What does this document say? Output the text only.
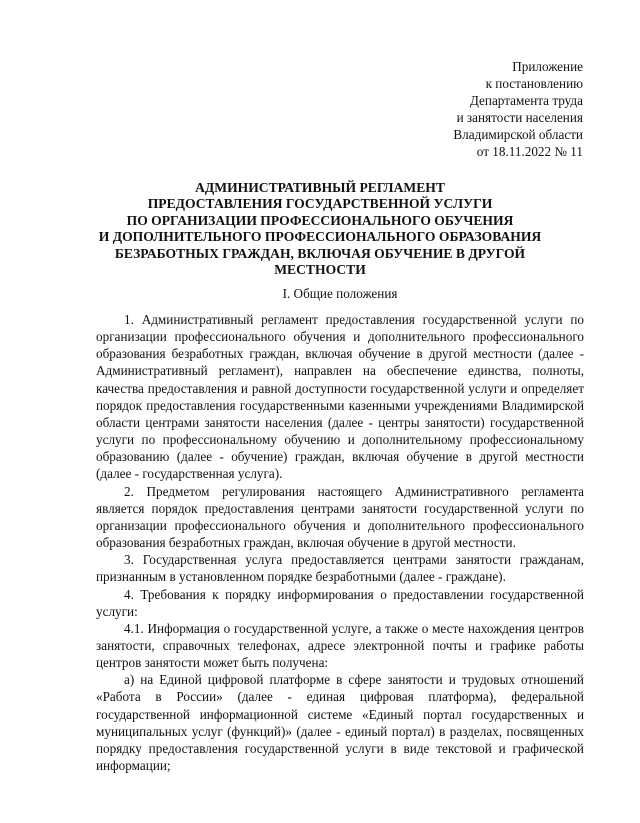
Приложение
к постановлению
Департамента труда
и занятости населения
Владимирской области
от 18.11.2022 № 11
АДМИНИСТРАТИВНЫЙ РЕГЛАМЕНТ
ПРЕДОСТАВЛЕНИЯ ГОСУДАРСТВЕННОЙ УСЛУГИ
ПО ОРГАНИЗАЦИИ ПРОФЕССИОНАЛЬНОГО ОБУЧЕНИЯ
И ДОПОЛНИТЕЛЬНОГО ПРОФЕССИОНАЛЬНОГО ОБРАЗОВАНИЯ
БЕЗРАБОТНЫХ ГРАЖДАН, ВКЛЮЧАЯ ОБУЧЕНИЕ В ДРУГОЙ
МЕСТНОСТИ
I. Общие положения

1. Административный регламент предоставления государственной услуги по организации профессионального обучения и дополнительного профессионального образования безработных граждан, включая обучение в другой местности (далее - Административный регламент), направлен на обеспечение единства, полноты, качества предоставления и равной доступности государственной услуги и определяет порядок предоставления государственными казенными учреждениями Владимирской области центрами занятости населения (далее - центры занятости) государственной услуги по профессиональному обучению и дополнительному профессиональному образованию (далее - обучение) граждан, включая обучение в другой местности (далее - государственная услуга).

2. Предметом регулирования настоящего Административного регламента является порядок предоставления центрами занятости государственной услуги по организации профессионального обучения и дополнительного профессионального образования безработных граждан, включая обучение в другой местности.

3. Государственная услуга предоставляется центрами занятости гражданам, признанным в установленном порядке безработными (далее - граждане).

4. Требования к порядку информирования о предоставлении государственной услуги:

4.1. Информация о государственной услуге, а также о месте нахождения центров занятости, справочных телефонах, адресе электронной почты и графике работы центров занятости может быть получена:

а) на Единой цифровой платформе в сфере занятости и трудовых отношений «Работа в России» (далее - единая цифровая платформа), федеральной государственной информационной системе «Единый портал государственных и муниципальных услуг (функций)» (далее - единый портал) в разделах, посвященных порядку предоставления государственной услуги в виде текстовой и графической информации;
